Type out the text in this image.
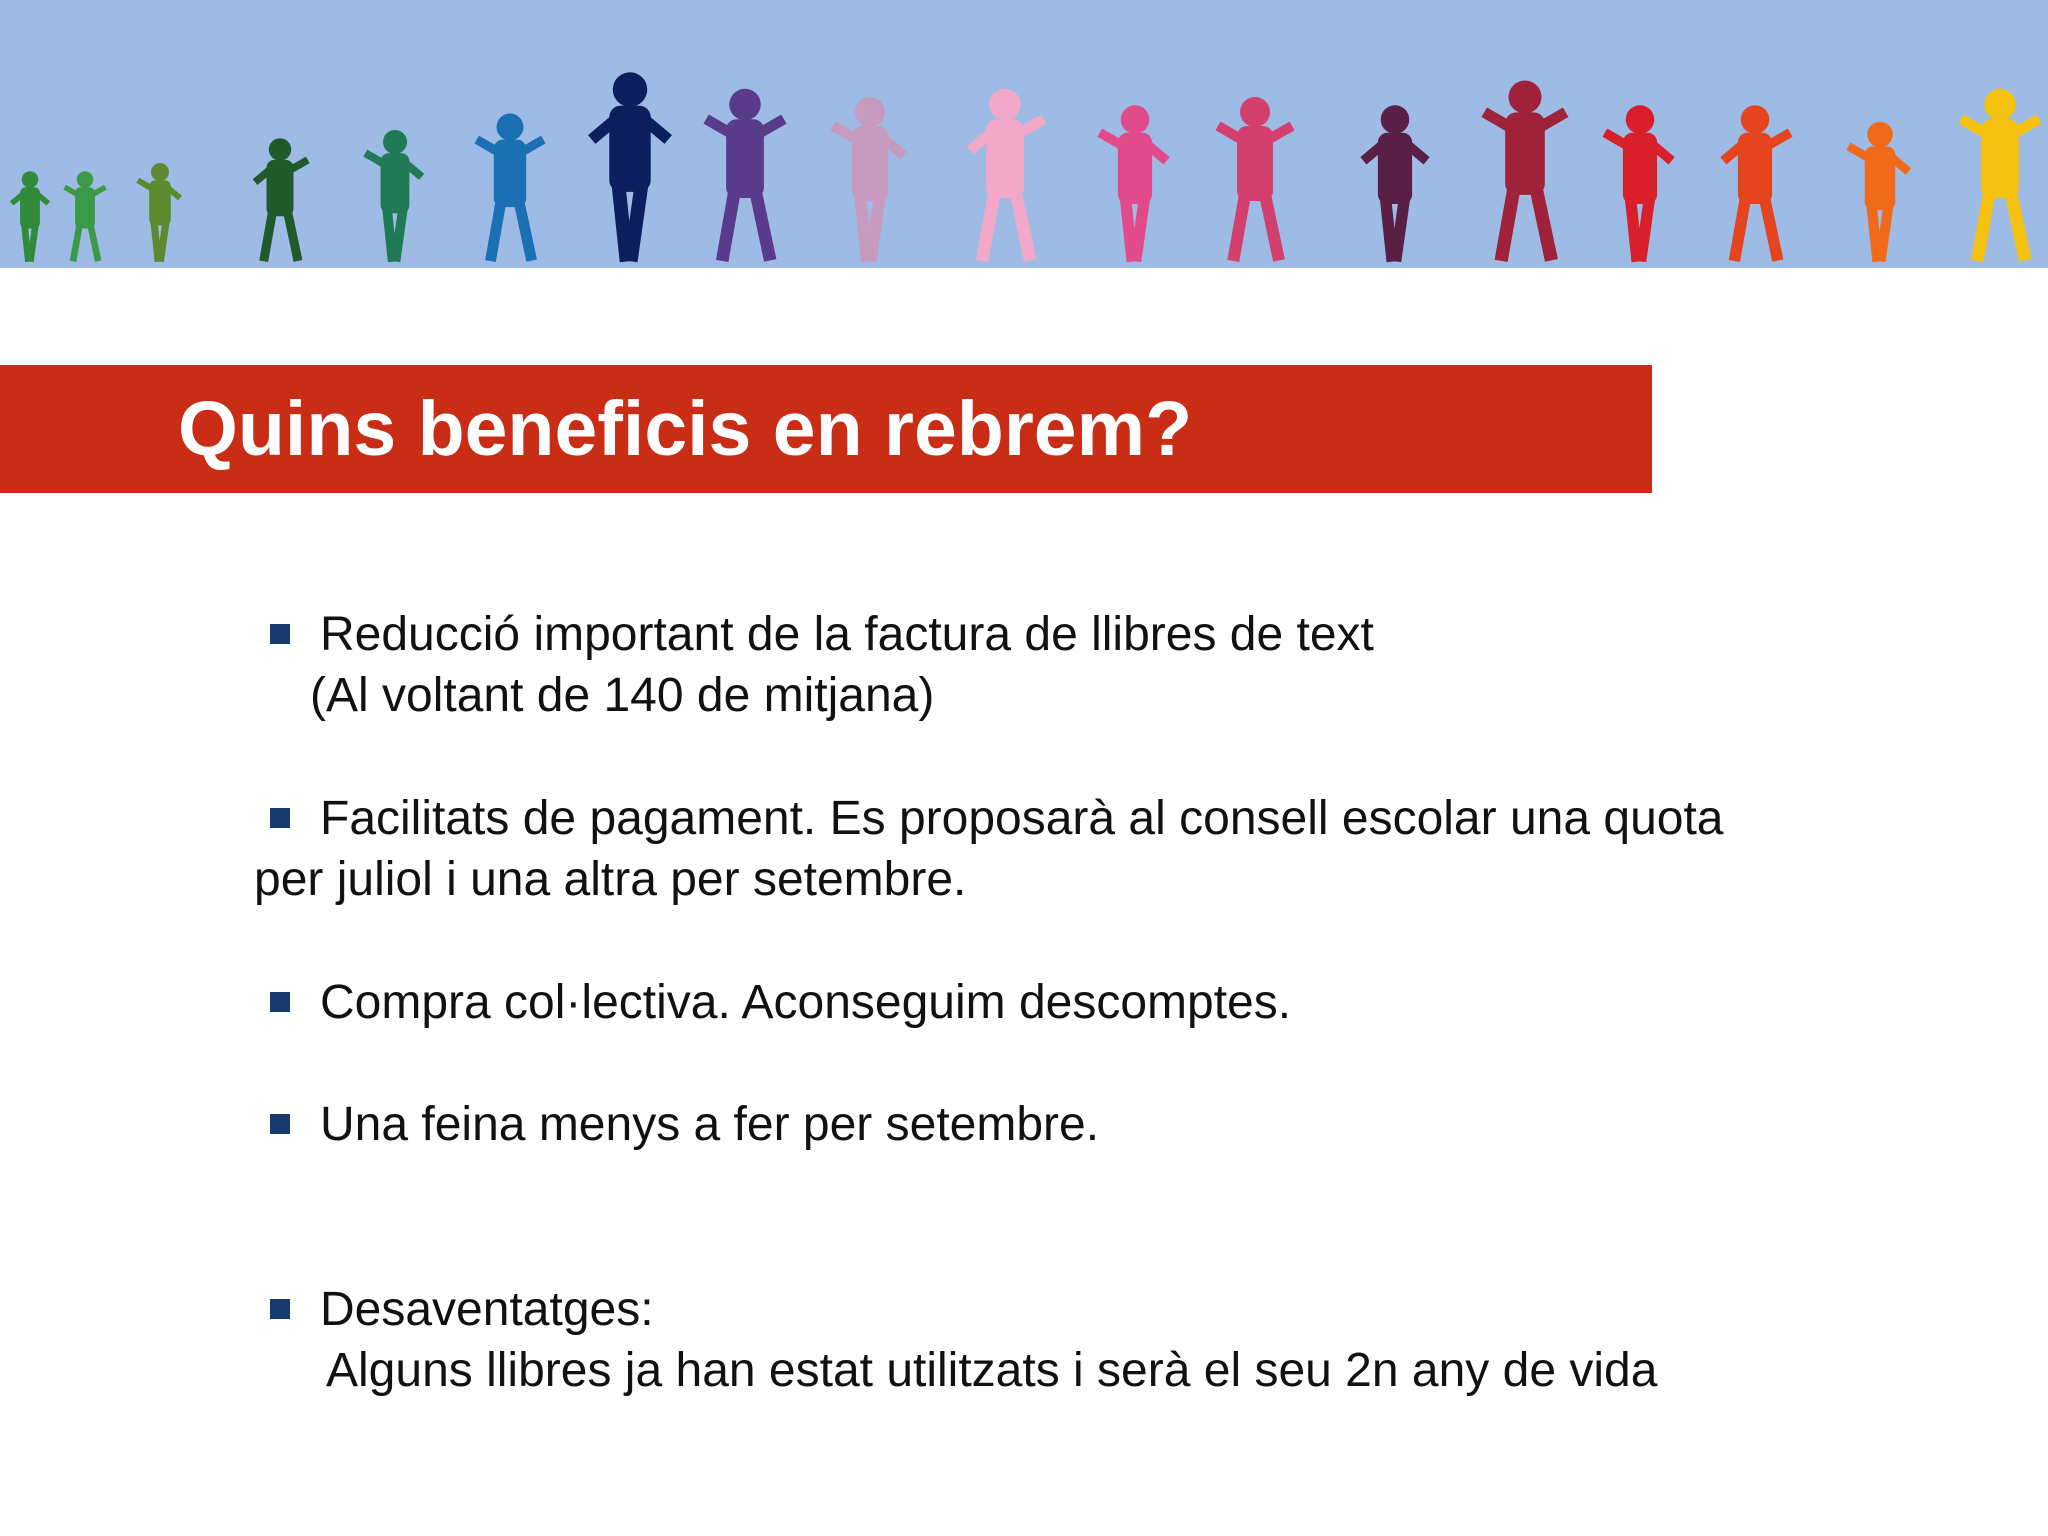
Quins beneficis en rebrem?
Reducció important de la factura de llibres de text
(Al voltant de 140 de mitjana)
Facilitats de pagament. Es proposarà al consell escolar una quota
per juliol i una altra per setembre.
Compra col·lectiva. Aconseguim descomptes.
Una feina menys a fer per setembre.
Desaventatges:
Alguns llibres ja han estat utilitzats i serà el seu 2n any de vida
